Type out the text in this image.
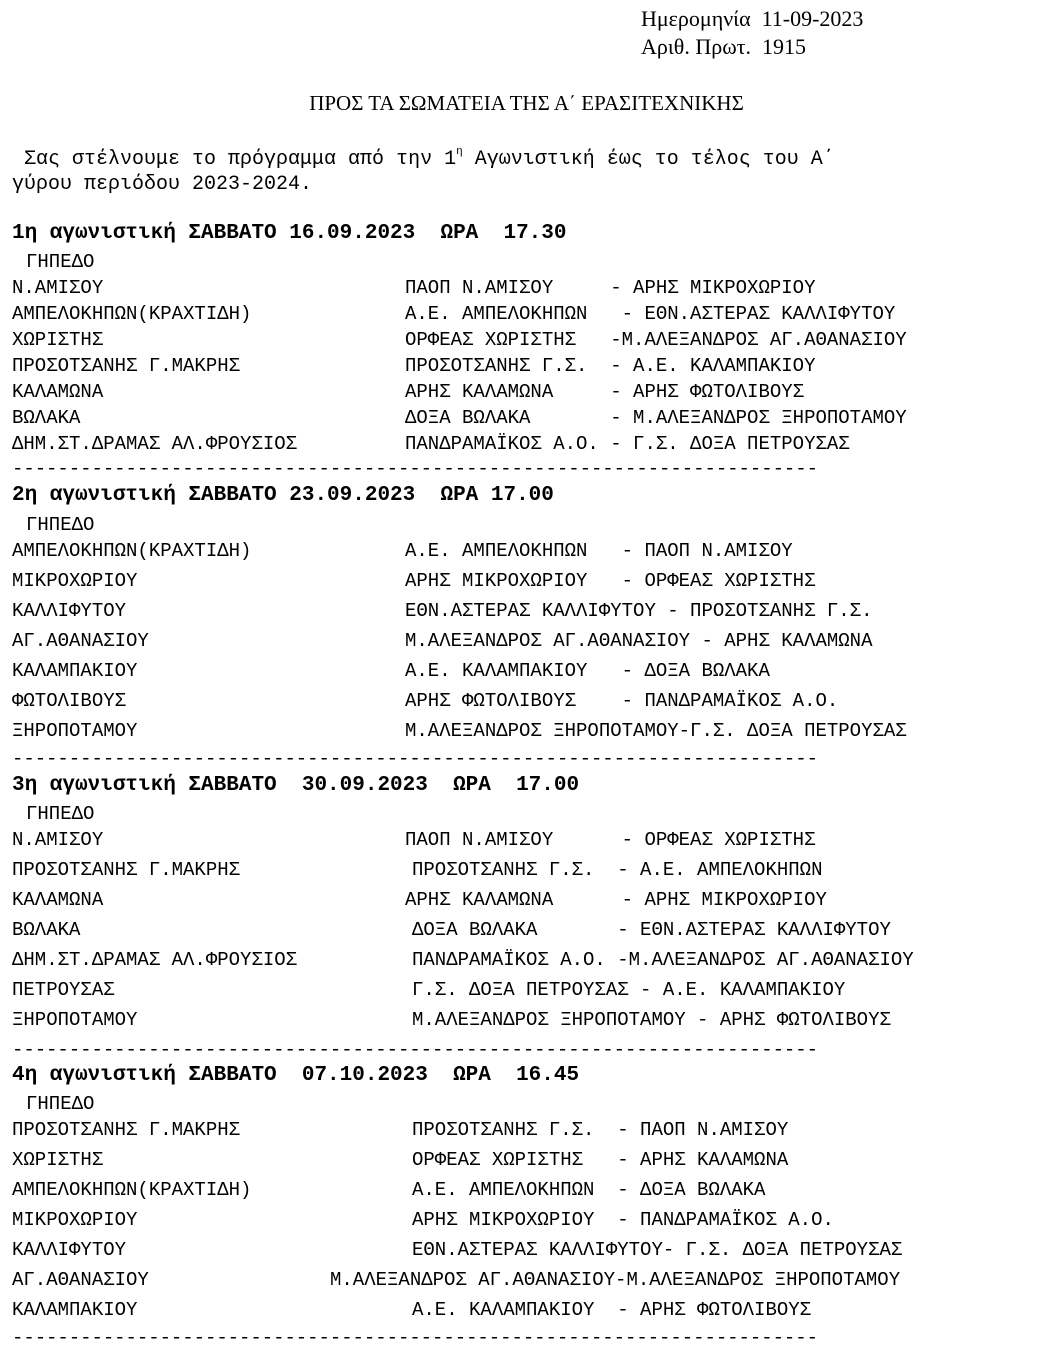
Ημερομηνία  11-09-2023
Αριθ. Πρωτ.  1915
ΠΡΟΣ ΤΑ ΣΩΜΑΤΕΙΑ ΤΗΣ Α΄ ΕΡΑΣΙΤΕΧΝΙΚΗΣ
Σας στέλνουμε το πρόγραμμα από την $1^\eta$ Αγωνιστική έως το τέλος του Α΄
γύρου περιόδου 2023-2024.
1η αγωνιστική ΣΑΒΒΑΤΟ 16.09.2023  ΩΡΑ  17.30
ΓΗΠΕΔΟ
Ν.ΑΜΙΣΟΥ	ΠΑΟΠ Ν.ΑΜΙΣΟΥ     - ΑΡΗΣ ΜΙΚΡΟΧΩΡΙΟΥ
ΑΜΠΕΛΟΚΗΠΩΝ(ΚΡΑΧΤΙΔΗ)	Α.Ε. ΑΜΠΕΛΟΚΗΠΩΝ   - ΕΘΝ.ΑΣΤΕΡΑΣ ΚΑΛΛΙΦΥΤΟΥ
ΧΩΡΙΣΤΗΣ	ΟΡΦΕΑΣ ΧΩΡΙΣΤΗΣ   -Μ.ΑΛΕΞΑΝΔΡΟΣ ΑΓ.ΑΘΑΝΑΣΙΟΥ
ΠΡΟΣΟΤΣΑΝΗΣ Γ.ΜΑΚΡΗΣ	ΠΡΟΣΟΤΣΑΝΗΣ Γ.Σ.  - Α.Ε. ΚΑΛΑΜΠΑΚΙΟΥ
ΚΑΛΑΜΩΝΑ	ΑΡΗΣ ΚΑΛΑΜΩΝΑ     - ΑΡΗΣ ΦΩΤΟΛΙΒΟΥΣ
ΒΩΛΑΚΑ	ΔΟΞΑ ΒΩΛΑΚΑ       - Μ.ΑΛΕΞΑΝΔΡΟΣ ΞΗΡΟΠΟΤΑΜΟΥ
ΔΗΜ.ΣΤ.ΔΡΑΜΑΣ ΑΛ.ΦΡΟΥΣΙΟΣ	ΠΑΝΔΡΑΜΑΪΚΟΣ Α.Ο. - Γ.Σ. ΔΟΞΑ ΠΕΤΡΟΥΣΑΣ
-----------------------------------------------------------------------
2η αγωνιστική ΣΑΒΒΑΤΟ 23.09.2023  ΩΡΑ 17.00
ΓΗΠΕΔΟ
ΑΜΠΕΛΟΚΗΠΩΝ(ΚΡΑΧΤΙΔΗ)	Α.Ε. ΑΜΠΕΛΟΚΗΠΩΝ   - ΠΑΟΠ Ν.ΑΜΙΣΟΥ
ΜΙΚΡΟΧΩΡΙΟΥ	ΑΡΗΣ ΜΙΚΡΟΧΩΡΙΟΥ   - ΟΡΦΕΑΣ ΧΩΡΙΣΤΗΣ
ΚΑΛΛΙΦΥΤΟΥ	ΕΘΝ.ΑΣΤΕΡΑΣ ΚΑΛΛΙΦΥΤΟΥ - ΠΡΟΣΟΤΣΑΝΗΣ Γ.Σ.
ΑΓ.ΑΘΑΝΑΣΙΟΥ	Μ.ΑΛΕΞΑΝΔΡΟΣ ΑΓ.ΑΘΑΝΑΣΙΟΥ - ΑΡΗΣ ΚΑΛΑΜΩΝΑ
ΚΑΛΑΜΠΑΚΙΟΥ	Α.Ε. ΚΑΛΑΜΠΑΚΙΟΥ   - ΔΟΞΑ ΒΩΛΑΚΑ
ΦΩΤΟΛΙΒΟΥΣ	ΑΡΗΣ ΦΩΤΟΛΙΒΟΥΣ    - ΠΑΝΔΡΑΜΑΪΚΟΣ Α.Ο.
ΞΗΡΟΠΟΤΑΜΟΥ	Μ.ΑΛΕΞΑΝΔΡΟΣ ΞΗΡΟΠΟΤΑΜΟΥ-Γ.Σ. ΔΟΞΑ ΠΕΤΡΟΥΣΑΣ
-----------------------------------------------------------------------
3η αγωνιστική ΣΑΒΒΑΤΟ  30.09.2023  ΩΡΑ  17.00
ΓΗΠΕΔΟ
Ν.ΑΜΙΣΟΥ	ΠΑΟΠ Ν.ΑΜΙΣΟΥ      - ΟΡΦΕΑΣ ΧΩΡΙΣΤΗΣ
ΠΡΟΣΟΤΣΑΝΗΣ Γ.ΜΑΚΡΗΣ	ΠΡΟΣΟΤΣΑΝΗΣ Γ.Σ.  - Α.Ε. ΑΜΠΕΛΟΚΗΠΩΝ
ΚΑΛΑΜΩΝΑ	ΑΡΗΣ ΚΑΛΑΜΩΝΑ      - ΑΡΗΣ ΜΙΚΡΟΧΩΡΙΟΥ
ΒΩΛΑΚΑ	ΔΟΞΑ ΒΩΛΑΚΑ       - ΕΘΝ.ΑΣΤΕΡΑΣ ΚΑΛΛΙΦΥΤΟΥ
ΔΗΜ.ΣΤ.ΔΡΑΜΑΣ ΑΛ.ΦΡΟΥΣΙΟΣ	ΠΑΝΔΡΑΜΑΪΚΟΣ Α.Ο. -Μ.ΑΛΕΞΑΝΔΡΟΣ ΑΓ.ΑΘΑΝΑΣΙΟΥ
ΠΕΤΡΟΥΣΑΣ	Γ.Σ. ΔΟΞΑ ΠΕΤΡΟΥΣΑΣ - Α.Ε. ΚΑΛΑΜΠΑΚΙΟΥ
ΞΗΡΟΠΟΤΑΜΟΥ	Μ.ΑΛΕΞΑΝΔΡΟΣ ΞΗΡΟΠΟΤΑΜΟΥ - ΑΡΗΣ ΦΩΤΟΛΙΒΟΥΣ
-----------------------------------------------------------------------
4η αγωνιστική ΣΑΒΒΑΤΟ  07.10.2023  ΩΡΑ  16.45
ΓΗΠΕΔΟ
ΠΡΟΣΟΤΣΑΝΗΣ Γ.ΜΑΚΡΗΣ	ΠΡΟΣΟΤΣΑΝΗΣ Γ.Σ.  - ΠΑΟΠ Ν.ΑΜΙΣΟΥ
ΧΩΡΙΣΤΗΣ	ΟΡΦΕΑΣ ΧΩΡΙΣΤΗΣ   - ΑΡΗΣ ΚΑΛΑΜΩΝΑ
ΑΜΠΕΛΟΚΗΠΩΝ(ΚΡΑΧΤΙΔΗ)	Α.Ε. ΑΜΠΕΛΟΚΗΠΩΝ  - ΔΟΞΑ ΒΩΛΑΚΑ
ΜΙΚΡΟΧΩΡΙΟΥ	ΑΡΗΣ ΜΙΚΡΟΧΩΡΙΟΥ  - ΠΑΝΔΡΑΜΑΪΚΟΣ Α.Ο.
ΚΑΛΛΙΦΥΤΟΥ	ΕΘΝ.ΑΣΤΕΡΑΣ ΚΑΛΛΙΦΥΤΟΥ- Γ.Σ. ΔΟΞΑ ΠΕΤΡΟΥΣΑΣ
ΑΓ.ΑΘΑΝΑΣΙΟΥ	Μ.ΑΛΕΞΑΝΔΡΟΣ ΑΓ.ΑΘΑΝΑΣΙΟΥ-Μ.ΑΛΕΞΑΝΔΡΟΣ ΞΗΡΟΠΟΤΑΜΟΥ
ΚΑΛΑΜΠΑΚΙΟΥ	Α.Ε. ΚΑΛΑΜΠΑΚΙΟΥ  - ΑΡΗΣ ΦΩΤΟΛΙΒΟΥΣ
-----------------------------------------------------------------------
